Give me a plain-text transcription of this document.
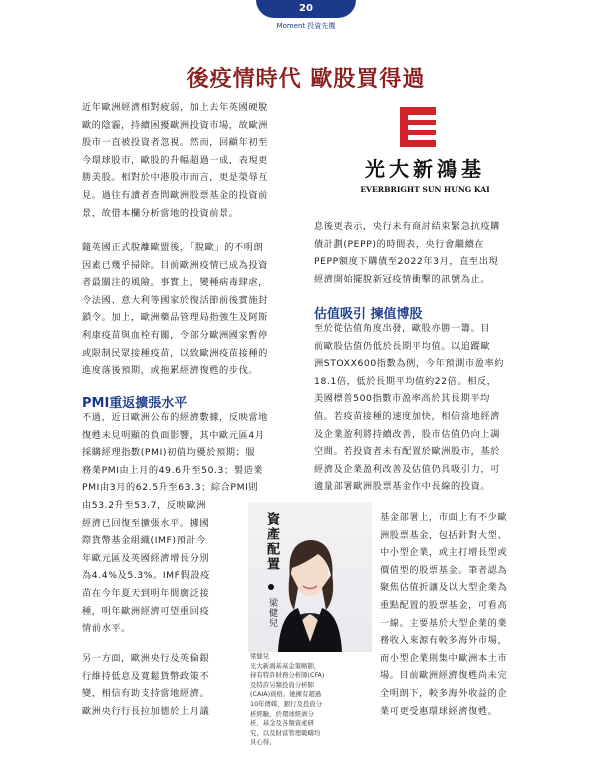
20
Moment 投資先機
後疫情時代 歐股買得過
近年歐洲經濟相對疲弱，加上去年英國硬脫
歐的陰霾，持續困擾歐洲投資市場，故歐洲
股市一直被投資者忽視。然而，回顧年初至
今環球股市，歐股的升幅超過一成，表現更
勝美股。相對於中港股市而言，更是榮辱互
見。過往有讀者查問歐洲股票基金的投資前
景，故借本欄分析當地的投資前景。
隨英國正式脫離歐盟後，「脫歐」的不明朗
因素已幾乎掃除。目前歐洲疫情已成為投資
者最關注的風險。事實上，變種病毒肆虐，
令法國、意大利等國家於復活節前後實施封
鎖令。加上，歐洲藥品管理局指強生及阿斯
利康疫苗與血栓有關，令部分歐洲國家暫停
或限制民眾接種疫苗，以致歐洲疫苗接種的
進度落後預期，或拖累經濟復甦的步伐。
PMI重返擴張水平
不過，近日歐洲公布的經濟數據，反映當地
復甦未見明顯的負面影響，其中歐元區4月
採購經理指數(PMI)初值均優於預期；服
務業PMI由上月的49.6升至50.3；製造業
PMI由3月的62.5升至63.3；綜合PMI則
由53.2升至53.7，反映歐洲
經濟已回復至擴張水平。據國
際貨幣基金組織(IMF)預計今
年歐元區及英國經濟增長分別
為4.4%及5.3%。IMF假設疫
苗在今年夏天到明年間廣泛接
種，明年歐洲經濟可望重回疫
情前水平。
另一方面，歐洲央行及英倫銀
行維持低息及寬鬆貨幣政策不
變，相信有助支持當地經濟。
歐洲央行行長拉加德於上月議
光大新鴻基
EVERBRIGHT SUN HUNG KAI
息後更表示，央行未有商討結束緊急抗疫購
債計劃(PEPP)的時間表，央行會繼續在
PEPP額度下購債至2022年3月，直至出現
經濟開始擺脫新冠疫情衝擊的訊號為止。
估值吸引 揀值博股
至於從估值角度出發，歐股亦勝一籌。目
前歐股估值仍低於長期平均值。以追蹤歐
洲STOXX600指數為例，今年預測市盈率約
18.1倍，低於長期平均值約22倍。相反，
美國標普500指數市盈率高於其長期平均
值。若疫苗接種的速度加快，相信當地經濟
及企業盈利將持續改善，股市估值仍向上調
空間。若投資者未有配置於歐洲股市，基於
經濟及企業盈利改善及估值仍具吸引力，可
適量部署歐洲股票基金作中長線的投資。
基金部署上，市面上有不少歐
洲股票基金，包括針對大型、
中小型企業，或主打增長型或
價值型的股票基金。筆者認為
聚焦估值折讓及以大型企業為
重點配置的股票基金，可看高
一線。主要基於大型企業的業
務收入來源有較多海外市場，
而小型企業則集中歐洲本土市
場。目前歐洲經濟復甦尚未完
全明朗下，較多海外收益的企
業可更受惠環球經濟復甦。
資產配置
梁健兒
梁健兒
光大新鴻基基金策略師，
持有特許財務分析師(CFA)
及特許另類投資分析師
(CAIA)資格。她擁有超過
10年傳媒、銀行及投資分
析經驗，於環球經濟分
析、基金及各類資產研
究，以及財富管理範疇均
具心得。
